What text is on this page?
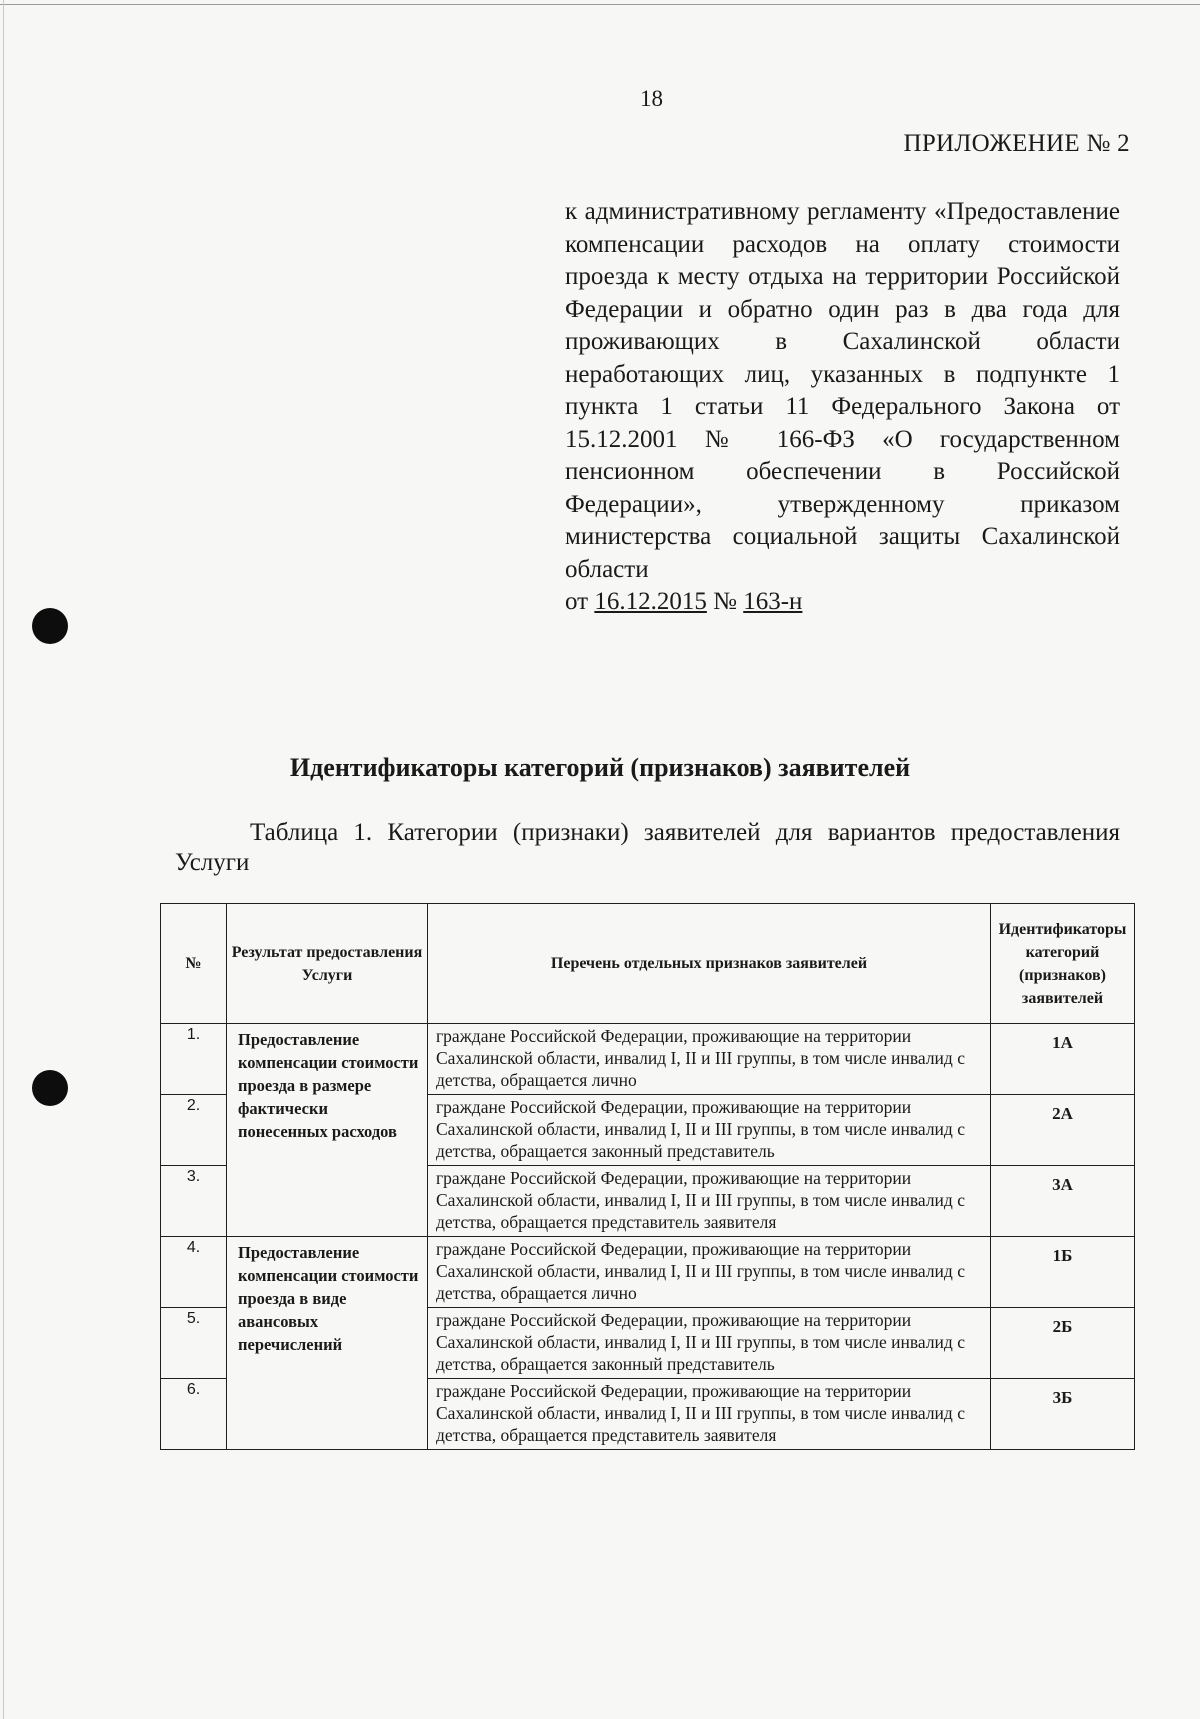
18
ПРИЛОЖЕНИЕ № 2
к административному регламенту «Предоставление компенсации расходов на оплату стоимости проезда к месту отдыха на территории Российской Федерации и обратно один раз в два года для проживающих в Сахалинской области неработающих лиц, указанных в подпункте 1 пункта 1 статьи 11 Федерального Закона от 15.12.2001 № 166-ФЗ «О государственном пенсионном обеспечении в Российской Федерации», утвержденному приказом министерства социальной защиты Сахалинской области
от 16.12.2015 № 163-н
Идентификаторы категорий (признаков) заявителей
Таблица 1. Категории (признаки) заявителей для вариантов предоставления Услуги
№	Результат предоставления Услуги	Перечень отдельных признаков заявителей	Идентификаторы категорий (признаков) заявителей
1.	Предоставление компенсации стоимости проезда в размере фактически понесенных расходов	граждане Российской Федерации, проживающие на территории Сахалинской области, инвалид I, II и III группы, в том числе инвалид с детства, обращается лично	1А
2.		граждане Российской Федерации, проживающие на территории Сахалинской области, инвалид I, II и III группы, в том числе инвалид с детства, обращается законный представитель	2А
3.		граждане Российской Федерации, проживающие на территории Сахалинской области, инвалид I, II и III группы, в том числе инвалид с детства, обращается представитель заявителя	3А
4.	Предоставление компенсации стоимости проезда в виде авансовых перечислений	граждане Российской Федерации, проживающие на территории Сахалинской области, инвалид I, II и III группы, в том числе инвалид с детства, обращается лично	1Б
5.		граждане Российской Федерации, проживающие на территории Сахалинской области, инвалид I, II и III группы, в том числе инвалид с детства, обращается законный представитель	2Б
6.		граждане Российской Федерации, проживающие на территории Сахалинской области, инвалид I, II и III группы, в том числе инвалид с детства, обращается представитель заявителя	3Б
